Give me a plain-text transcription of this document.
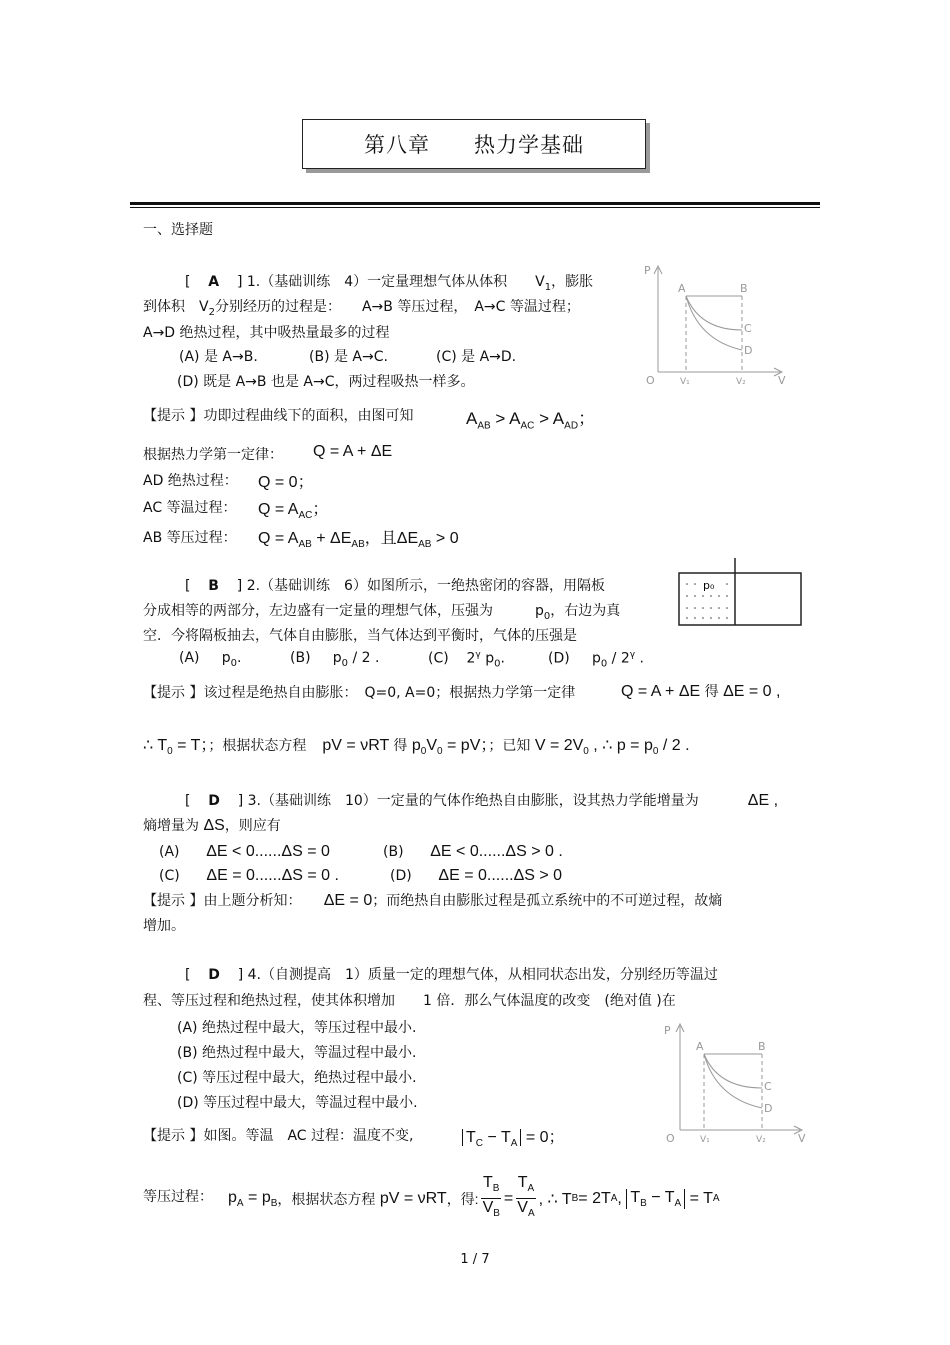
第八章　　热力学基础
一、选择题
[ A ] 1.（基础训练　4）一定量理想气体从体积　　$V_1$，膨胀
到体积　$V_2$分别经历的过程是：　　A→B 等压过程，　A→C 等温过程；
A→D 绝热过程，其中吸热量最多的过程
(A) 是 A→B.	(B) 是 A→C.	(C) 是 A→D.
(D) 既是 A→B 也是 A→C，两过程吸热一样多。
P
V
O
A	B
C
D
V₁	V₂
【提示 】功即过程曲线下的面积，由图可知	$A_{AB} > A_{AC} > A_{AD}$；
根据热力学第一定律： Q = A + ΔE
AD 绝热过程： Q = 0；
AC 等温过程： $Q = A_{AC}$；
AB 等压过程： $Q = A_{AB} + \Delta E_{AB}$，且$\Delta E_{AB} > 0$
[ B ] 2.（基础训练　6）如图所示，一绝热密闭的容器，用隔板
分成相等的两部分，左边盛有一定量的理想气体，压强为　　　$p_0$，右边为真
空．今将隔板抽去，气体自由膨胀，当气体达到平衡时，气体的压强是
p₀
(A)     $p_0$.	(B)     $p_0 / 2$ .	(C)    $2^\gamma$ $p_0$.	(D)     $p_0 / 2^\gamma$ .
【提示 】该过程是绝热自由膨胀：　Q=0, A=0；根据热力学第一定律	Q = A + ΔE 得 ΔE = 0 ,
∴ $T_0 = T$；；根据状态方程　pV = νRT 得 $p_0V_0$ = pV；；已知 $V = 2V_0$ , ∴ $p = p_0 / 2$ .
[ D ] 3.（基础训练　10）一定量的气体作绝热自由膨胀，设其热力学能增量为	ΔE ,
熵增量为 ΔS，则应有
(A) ΔE < 0......ΔS = 0	(B) ΔE < 0......ΔS > 0 .
(C) ΔE = 0......ΔS = 0 .	(D) ΔE = 0......ΔS > 0
【提示 】由上题分析知： ΔE = 0；而绝热自由膨胀过程是孤立系统中的不可逆过程，故熵
增加。
[ D ] 4.（自测提高　1）质量一定的理想气体，从相同状态出发，分别经历等温过
程、等压过程和绝热过程，使其体积增加　　1 倍．那么气体温度的改变　(绝对值 )在
(A) 绝热过程中最大，等压过程中最小.
(B) 绝热过程中最大，等温过程中最小.
(C) 等压过程中最大，绝热过程中最小.
(D) 等压过程中最大，等温过程中最小.
P
V
O
A	B
C
D
V₁	V₂
【提示 】如图。等温　AC 过程：温度不变,	$T_C - T_A = 0$；
等压过程： $p_A = p_B$ ，根据状态方程 pV = νRT ，得: $\frac{T_B}{V_B} = \frac{T_A}{V_A}$ , ∴ T B = 2T A , $T_B - T_A = T$ A
1 / 7
